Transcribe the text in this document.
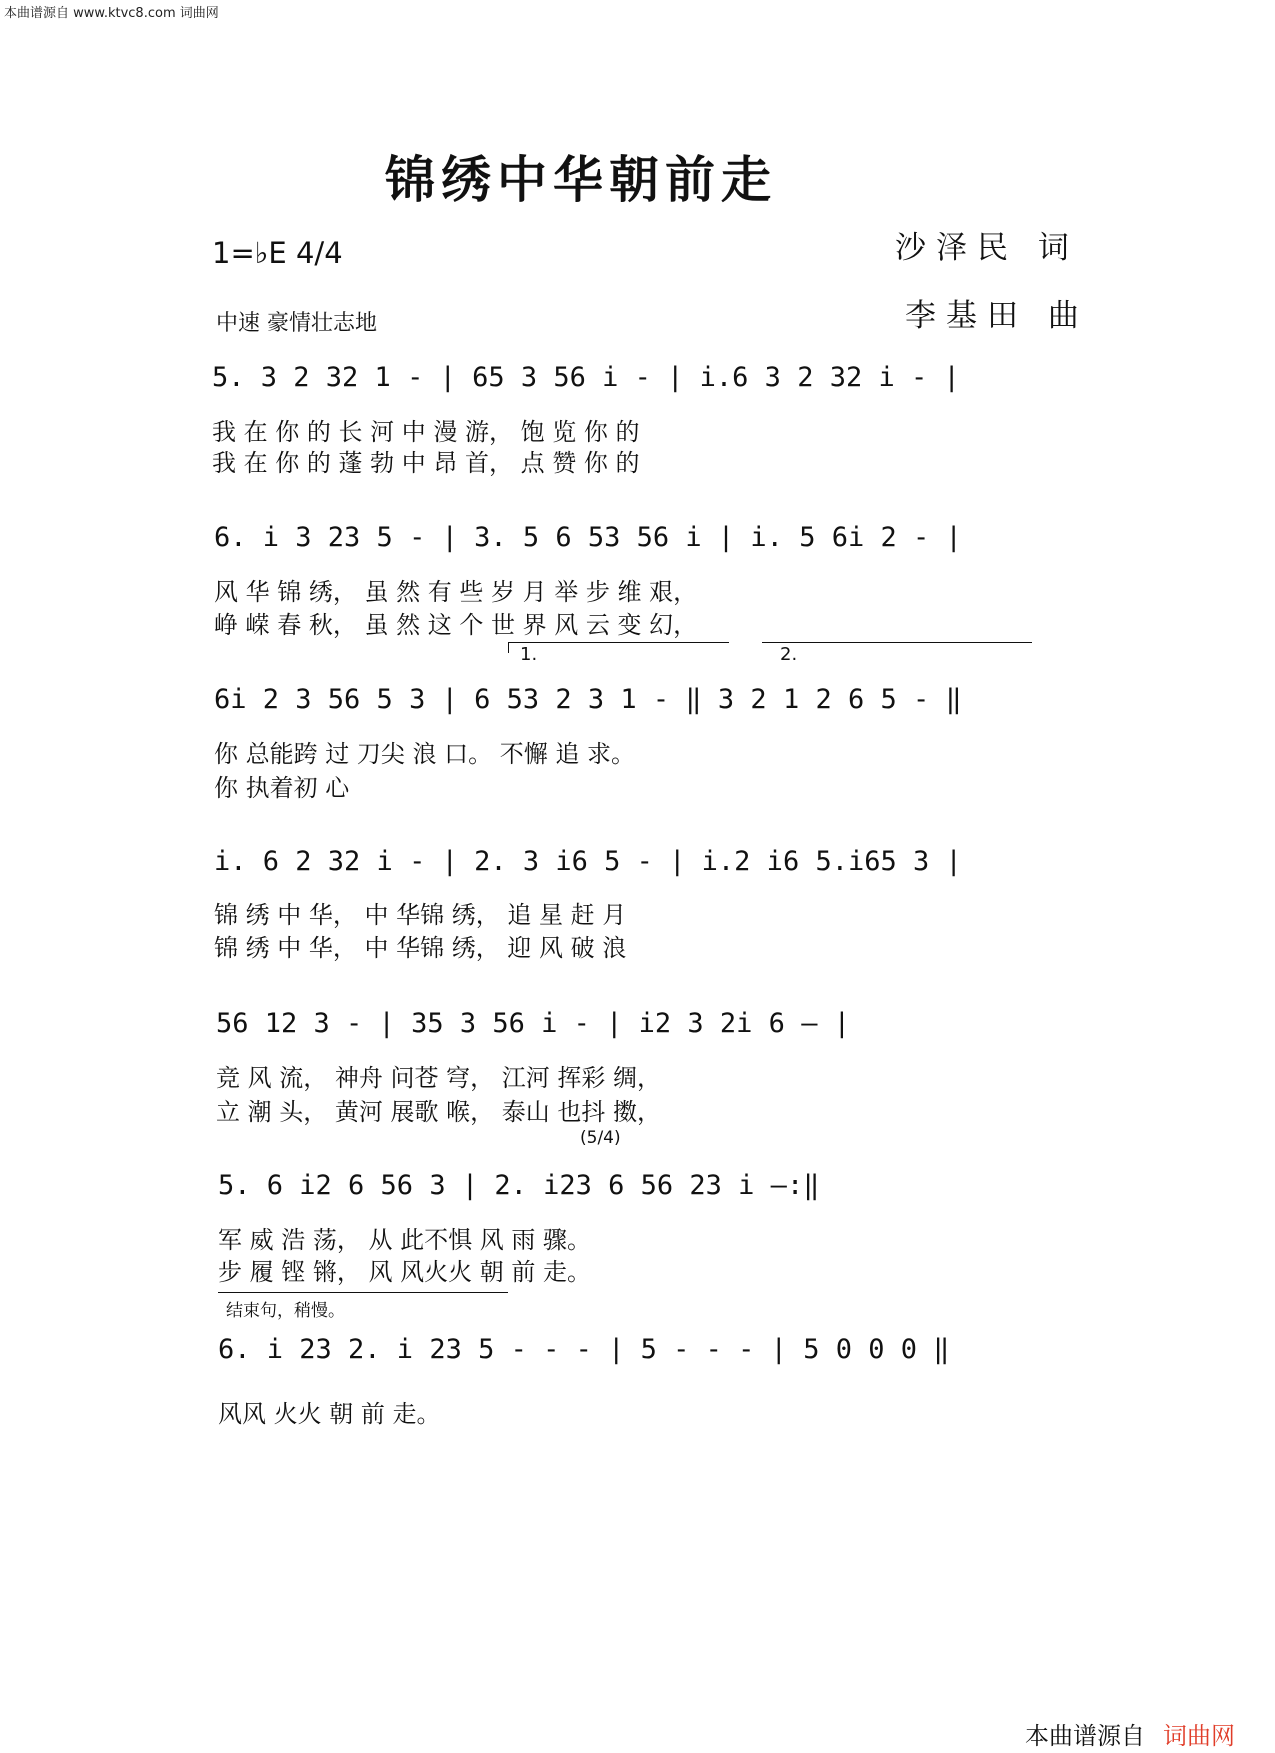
本曲谱源自 www.ktvc8.com 词曲网
锦绣中华朝前走
1=♭E 4/4	沙泽民 词
李基田 曲
中速 豪情壮志地
5. 3 2 32 1 - | 65 3 56 i - | i.6 3 2 32 i - |
我 在 你 的 长 河 中 漫 游， 饱 览 你 的
我 在 你 的 蓬 勃 中 昂 首， 点 赞 你 的
6. i 3 23 5 - | 3. 5 6 53 56 i | i. 5 6i 2 - |
风 华 锦 绣， 虽 然 有 些 岁 月 举 步 维 艰，
峥 嵘 春 秋， 虽 然 这 个 世 界 风 云 变 幻，
1.	2.
6i 2 3 56 5 3 | 6 53 2 3 1 - ‖ 3 2 1 2 6 5 - ‖
你 总能跨 过 刀尖 浪 口。 不懈 追 求。
你 执着初 心
i. 6 2 32 i - | 2. 3 i6 5 - | i.2 i6 5.i65 3 |
锦 绣 中 华， 中 华锦 绣， 追 星 赶 月
锦 绣 中 华， 中 华锦 绣， 迎 风 破 浪
56 12 3 - | 35 3 56 i - | i2 3 2i 6 — |
竞 风 流， 神舟 问苍 穹， 江河 挥彩 绸，
立 潮 头， 黄河 展歌 喉， 泰山 也抖 擞，
(5/4)
5. 6 i2 6 56 3 | 2. i23 6 56 23 i —:‖
军 威 浩 荡， 从 此不惧 风 雨 骤。
步 履 铿 锵， 风 风火火 朝 前 走。
结束句，稍慢。
6. i 23 2. i 23 5 - - - | 5 - - - | 5 0 0 0 ‖
风风 火火 朝 前 走。
本曲谱源自 词曲网
